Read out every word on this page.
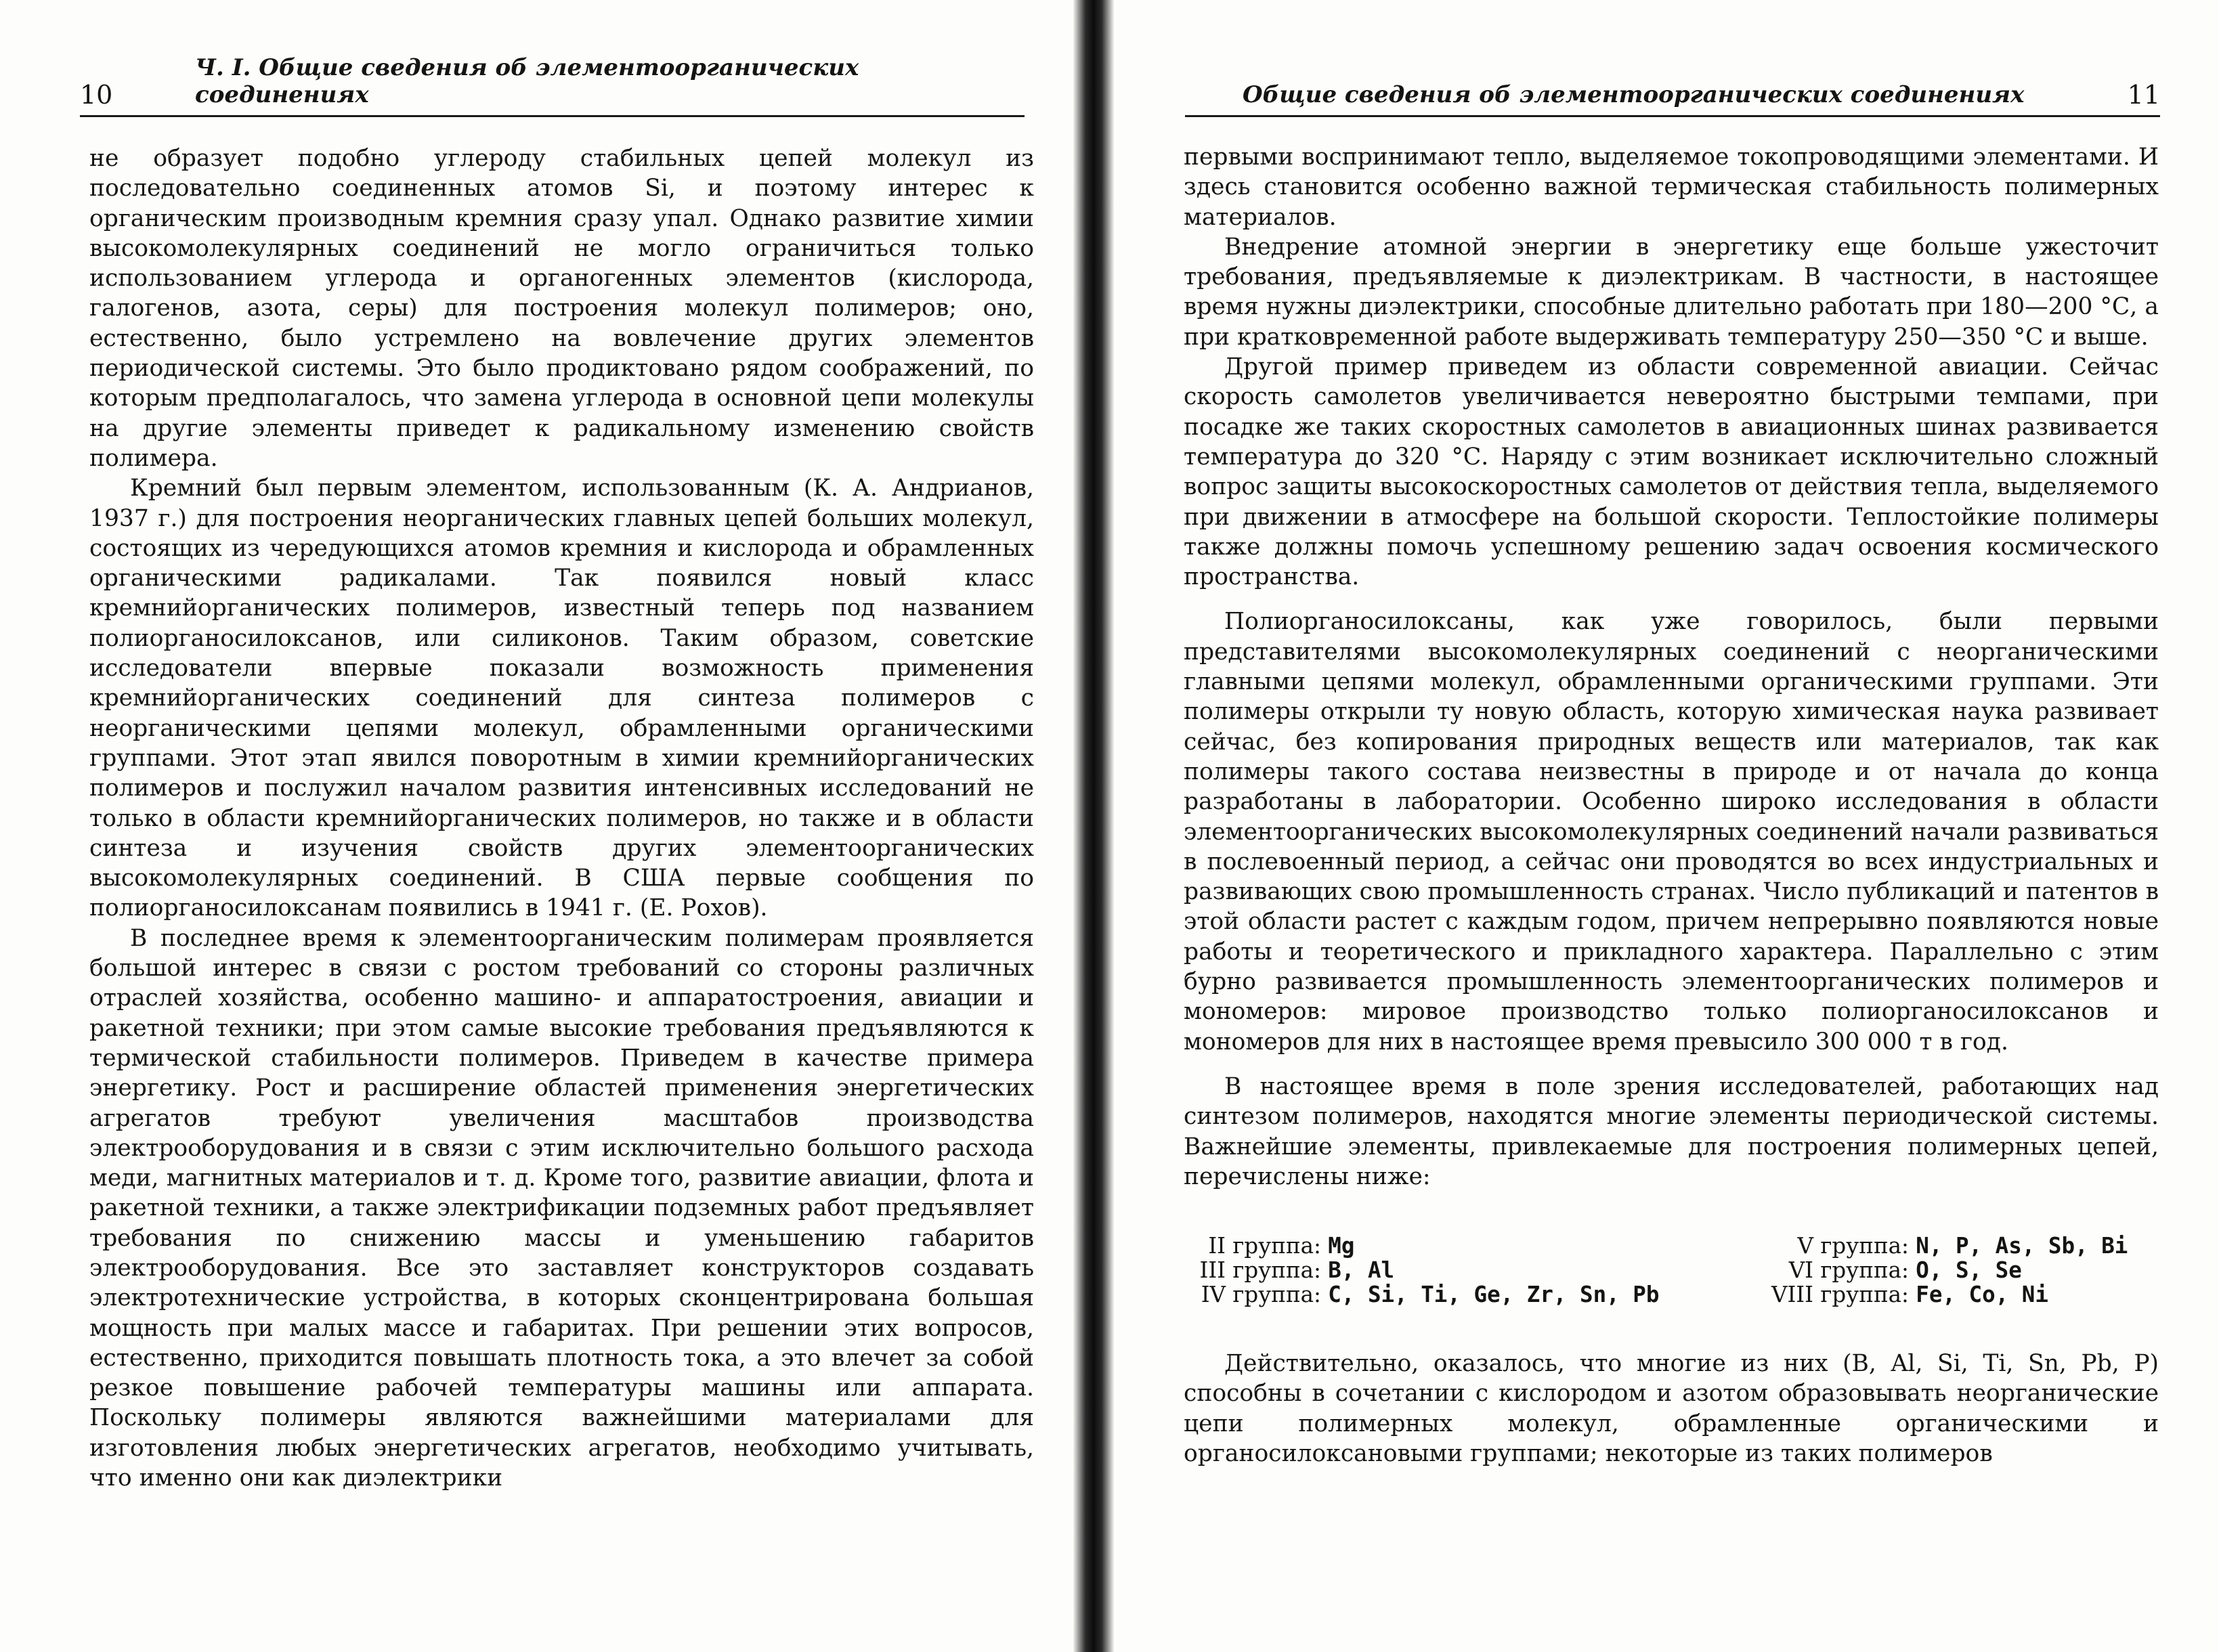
10
Ч. I. Общие сведения об элементоорганических соединениях

не образует подобно углероду стабильных цепей молекул из последовательно соединенных атомов Si, и поэтому интерес к органическим производным кремния сразу упал. Однако развитие химии высокомолекулярных соединений не могло ограничиться только использованием углерода и органогенных элементов (кислорода, галогенов, азота, серы) для построения молекул полимеров; оно, естественно, было устремлено на вовлечение других элементов периодической системы. Это было продиктовано рядом соображений, по которым предполагалось, что замена углерода в основной цепи молекулы на другие элементы приведет к радикальному изменению свойств полимера.

Кремний был первым элементом, использованным (К. А. Андрианов, 1937 г.) для построения неорганических главных цепей больших молекул, состоящих из чередующихся атомов кремния и кислорода и обрамленных органическими радикалами. Так появился новый класс кремнийорганических полимеров, известный теперь под названием полиорганосилоксанов, или силиконов. Таким образом, советские исследователи впервые показали возможность применения кремнийорганических соединений для синтеза полимеров с неорганическими цепями молекул, обрамленными органическими группами. Этот этап явился поворотным в химии кремнийорганических полимеров и послужил началом развития интенсивных исследований не только в области кремнийорганических полимеров, но также и в области синтеза и изучения свойств других элементоорганических высокомолекулярных соединений. В США первые сообщения по полиорганосилоксанам появились в 1941 г. (Е. Рохов).

В последнее время к элементоорганическим полимерам проявляется большой интерес в связи с ростом требований со стороны различных отраслей хозяйства, особенно машино- и аппаратостроения, авиации и ракетной техники; при этом самые высокие требования предъявляются к термической стабильности полимеров. Приведем в качестве примера энергетику. Рост и расширение областей применения энергетических агрегатов требуют увеличения масштабов производства электрооборудования и в связи с этим исключительно большого расхода меди, магнитных материалов и т. д. Кроме того, развитие авиации, флота и ракетной техники, а также электрификации подземных работ предъявляет требования по снижению массы и уменьшению габаритов электрооборудования. Все это заставляет конструкторов создавать электротехнические устройства, в которых сконцентрирована большая мощность при малых массе и габаритах. При решении этих вопросов, естественно, приходится повышать плотность тока, а это влечет за собой резкое повышение рабочей температуры машины или аппарата. Поскольку полимеры являются важнейшими материалами для изготовления любых энергетических агрегатов, необходимо учитывать, что именно они как диэлектрики

Общие сведения об элементоорганических соединениях	11

первыми воспринимают тепло, выделяемое токопроводящими элементами. И здесь становится особенно важной термическая стабильность полимерных материалов.

Внедрение атомной энергии в энергетику еще больше ужесточит требования, предъявляемые к диэлектрикам. В частности, в настоящее время нужны диэлектрики, способные длительно работать при 180—200 °С, а при кратковременной работе выдерживать температуру 250—350 °С и выше.

Другой пример приведем из области современной авиации. Сейчас скорость самолетов увеличивается невероятно быстрыми темпами, при посадке же таких скоростных самолетов в авиационных шинах развивается температура до 320 °С. Наряду с этим возникает исключительно сложный вопрос защиты высокоскоростных самолетов от действия тепла, выделяемого при движении в атмосфере на большой скорости. Теплостойкие полимеры также должны помочь успешному решению задач освоения космического пространства.

Полиорганосилоксаны, как уже говорилось, были первыми представителями высокомолекулярных соединений с неорганическими главными цепями молекул, обрамленными органическими группами. Эти полимеры открыли ту новую область, которую химическая наука развивает сейчас, без копирования природных веществ или материалов, так как полимеры такого состава неизвестны в природе и от начала до конца разработаны в лаборатории. Особенно широко исследования в области элементоорганических высокомолекулярных соединений начали развиваться в послевоенный период, а сейчас они проводятся во всех индустриальных и развивающих свою промышленность странах. Число публикаций и патентов в этой области растет с каждым годом, причем непрерывно появляются новые работы и теоретического и прикладного характера. Параллельно с этим бурно развивается промышленность элементоорганических полимеров и мономеров: мировое производство только полиорганосилоксанов и мономеров для них в настоящее время превысило 300 000 т в год.

В настоящее время в поле зрения исследователей, работающих над синтезом полимеров, находятся многие элементы периодической системы. Важнейшие элементы, привлекаемые для построения полимерных цепей, перечислены ниже:

II группа: Mg
III группа: B, Al
IV группа: C, Si, Ti, Ge, Zr, Sn, Pb
V группа: N, P, As, Sb, Bi
VI группа: O, S, Se
VIII группа: Fe, Co, Ni

Действительно, оказалось, что многие из них (B, Al, Si, Ti, Sn, Pb, P) способны в сочетании с кислородом и азотом образовывать неорганические цепи полимерных молекул, обрамленные органическими и органосилоксановыми группами; некоторые из таких полимеров
